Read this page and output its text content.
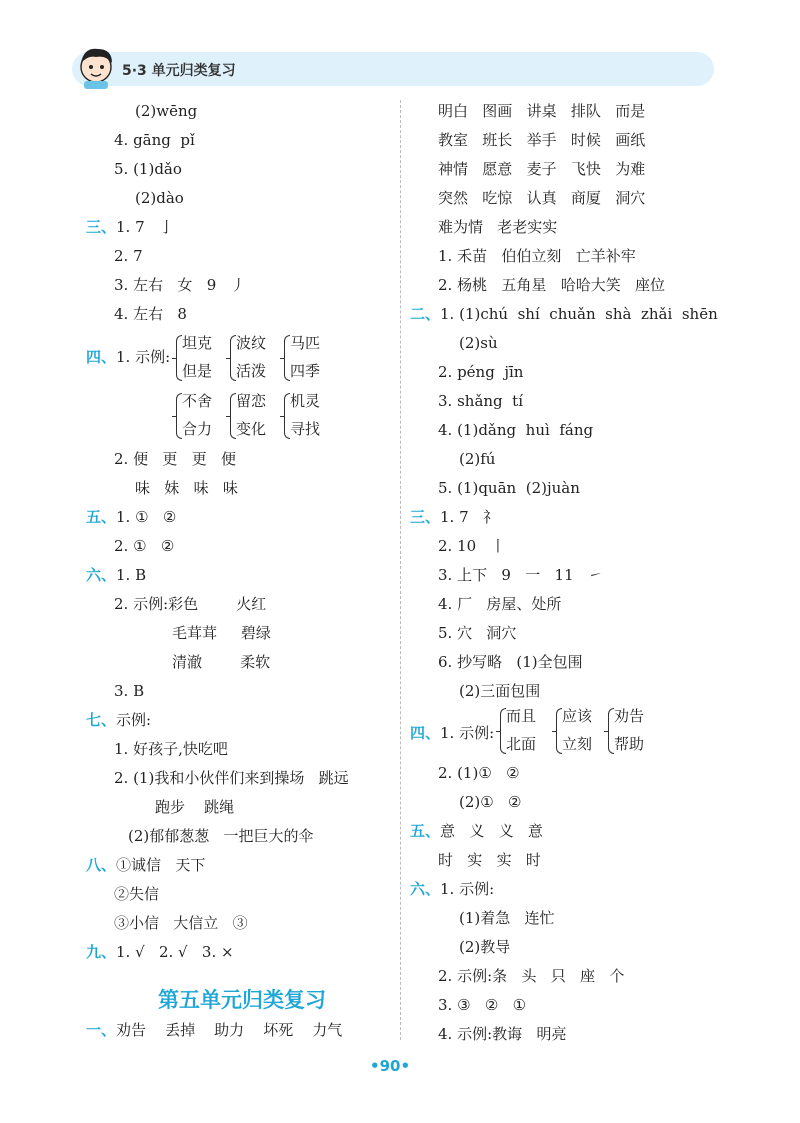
5·3 单元归类复习
(2)wēng
4. gāng  pǐ
5. (1)dǎo
(2)dào
三、1. 7   亅
2. 7
3. 左右   女   9   丿
4. 左右   8
四、1. 示例:
坦克
但是
波纹
活泼
马匹
四季
不舍
合力
留恋
变化
机灵
寻找
2. 便   更   更   便
味   妹   味   味
五、1. ①   ②
2. ①   ②
六、1. B
2. 示例:彩色        火红
毛茸茸     碧绿
清澈        柔软
3. B
七、示例:
1. 好孩子,快吃吧
2. (1)我和小伙伴们来到操场   跳远
跑步    跳绳
(2)郁郁葱葱   一把巨大的伞
八、①诚信   天下
②失信
③小信   大信立   ③
九、1. √   2. √   3. ×
第五单元归类复习
一、劝告    丢掉    助力    坏死    力气
明白   图画   讲桌   排队   而是
教室   班长   举手   时候   画纸
神情   愿意   麦子   飞快   为难
突然   吃惊   认真   商厦   洞穴
难为情   老老实实
1. 禾苗   伯伯立刻   亡羊补牢
2. 杨桃   五角星   哈哈大笑   座位
二、1. (1)chú  shí  chuǎn  shà  zhǎi  shēn
(2)sù
2. péng  jīn
3. shǎng  tí
4. (1)dǎng  huì  fáng
(2)fú
5. (1)quān  (2)juàn
三、1. 7   礻
2. 10   丨
3. 上下   9   一   11   ㇀
4. 厂   房屋、处所
5. 穴   洞穴
6. 抄写略   (1)全包围
(2)三面包围
四、1. 示例:
而且
北面
应该
立刻
劝告
帮助
2. (1)①   ②
(2)①   ②
五、意   义   义   意
时   实   实   时
六、1. 示例:
(1)着急   连忙
(2)教导
2. 示例:条   头   只   座   个
3. ③   ②   ①
4. 示例:教诲   明亮
•90•
